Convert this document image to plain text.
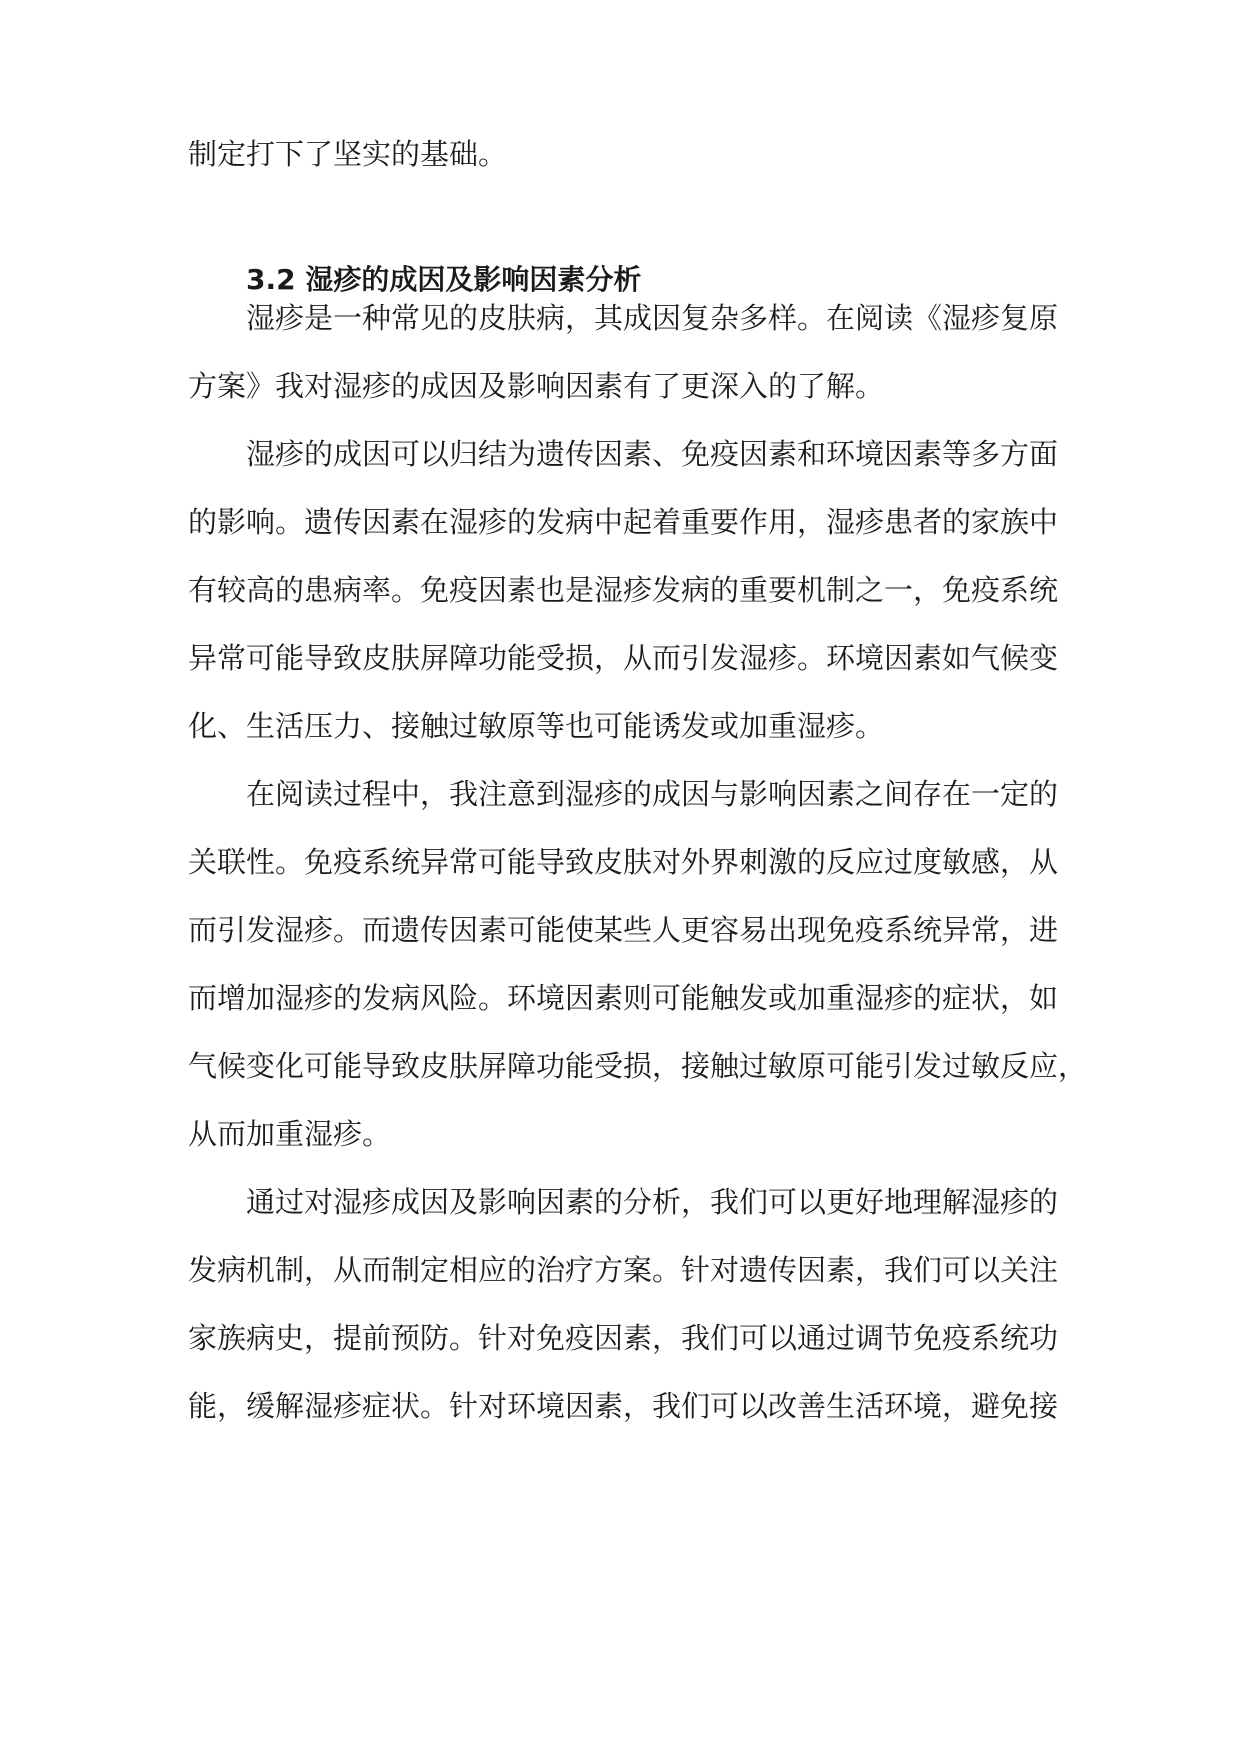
制定打下了坚实的基础。
3.2 湿疹的成因及影响因素分析
湿疹是一种常见的皮肤病，其成因复杂多样。在阅读《湿疹复原
方案》我对湿疹的成因及影响因素有了更深入的了解。
湿疹的成因可以归结为遗传因素、免疫因素和环境因素等多方面
的影响。遗传因素在湿疹的发病中起着重要作用，湿疹患者的家族中
有较高的患病率。免疫因素也是湿疹发病的重要机制之一，免疫系统
异常可能导致皮肤屏障功能受损，从而引发湿疹。环境因素如气候变
化、生活压力、接触过敏原等也可能诱发或加重湿疹。
在阅读过程中，我注意到湿疹的成因与影响因素之间存在一定的
关联性。免疫系统异常可能导致皮肤对外界刺激的反应过度敏感，从
而引发湿疹。而遗传因素可能使某些人更容易出现免疫系统异常，进
而增加湿疹的发病风险。环境因素则可能触发或加重湿疹的症状，如
气候变化可能导致皮肤屏障功能受损，接触过敏原可能引发过敏反应，
从而加重湿疹。
通过对湿疹成因及影响因素的分析，我们可以更好地理解湿疹的
发病机制，从而制定相应的治疗方案。针对遗传因素，我们可以关注
家族病史，提前预防。针对免疫因素，我们可以通过调节免疫系统功
能，缓解湿疹症状。针对环境因素，我们可以改善生活环境，避免接
